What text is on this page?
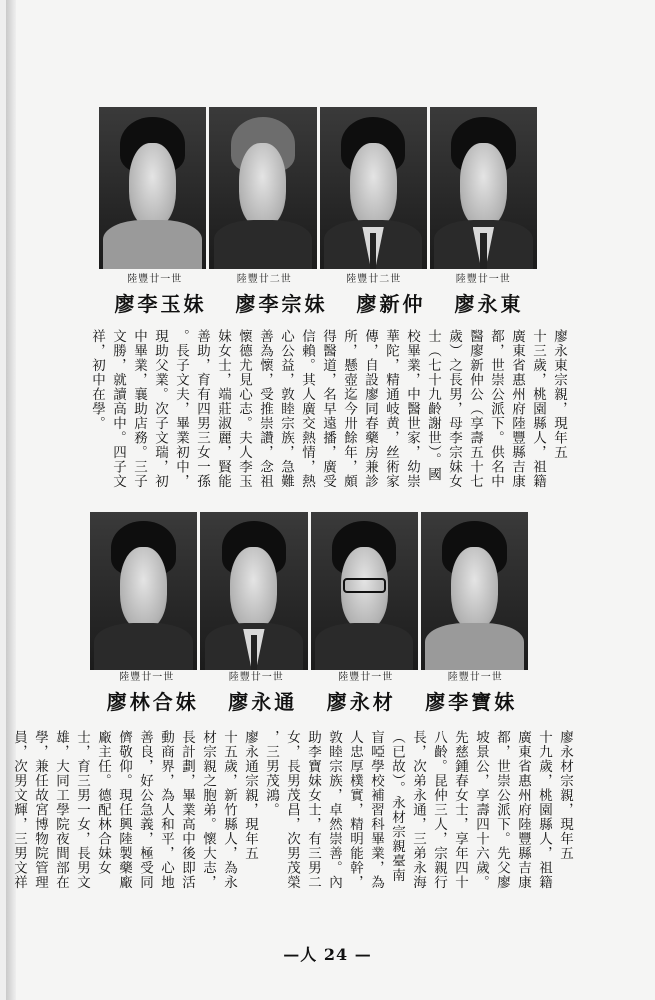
陸豐廿一世
陸豐廿二世
陸豐廿二世
陸豐廿一世
廖永東
廖新仲
廖李宗妹
廖李玉妹
廖永東宗親，現年五
十三歲，桃園縣人，祖籍
廣東省惠州府陸豐縣吉康
都，世崇公派下。供名中
醫廖新仲公（享壽五十七
歲）之長男，母李宗妹女
士（七十九齡謝世）。國
校畢業，中醫世家，幼崇
華陀，精通岐黄，丝術家
傳，自設廖同春藥房兼診
所，懸壺迄今卅餘年，頗
得醫道，名早遠播，廣受
信賴。其人廣交熱情，熱
心公益，敦睦宗族，急難
善為懷，受推崇讚，念祖
懷德尤見心志。夫人李玉
妹女士，端莊淑麗，賢能
善助，育有四男三女一孫
。長子文夫，畢業初中，
現助父業。次子文瑞，初
中畢業，襄助店務。三子
文勝，就讀高中。四子文
祥，初中在學。
陸豐廿一世
陸豐廿一世
陸豐廿一世
陸豐廿一世
廖李寶妹
廖永材
廖永通
廖林合妹
廖永材宗親，現年五
十九歲，桃園縣人，祖籍
廣東省惠州府陸豐縣吉康
都，世崇公派下。先父廖
坡景公，享壽四十六歲。
先慈鍾春女士，享年四十
八齡。昆仲三人，宗親行
長，次弟永通，三弟永海
（已故）。永材宗親臺南
盲啞學校補習科畢業，為
人忠厚樸實，精明能幹，
敦睦宗族，卓然崇善。內
助李寶妹女士，有三男二
女，長男茂昌，次男茂榮
，三男茂鴻。
廖永通宗親，現年五
十五歲，新竹縣人，為永
材宗親之胞弟。懷大志，
長計劃，畢業高中後即活
動商界，為人和平，心地
善良，好公急義，極受同
儕敬仰。現任興陸製藥廠
廠主任。德配林合妹女
士，育三男一女，長男文
雄，大同工學院夜間部在
學，兼任故宮博物院管理
員，次男文輝，三男文祥
—人 24 —
